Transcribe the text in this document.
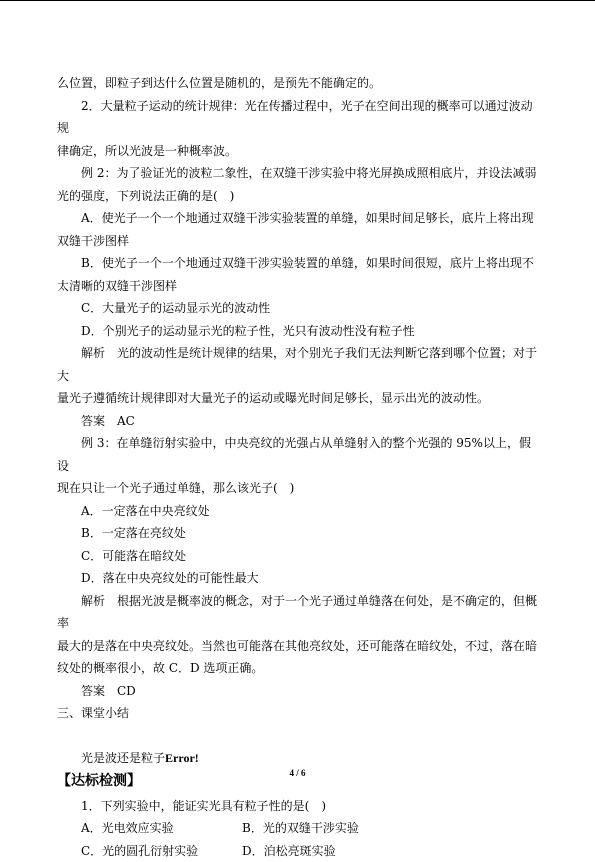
么位置，即粒子到达什么位置是随机的，是预先不能确定的。

2．大量粒子运动的统计规律：光在传播过程中，光子在空间出现的概率可以通过波动规

律确定，所以光波是一种概率波。

例 2：为了验证光的波粒二象性，在双缝干涉实验中将光屏换成照相底片，并设法减弱

光的强度，下列说法正确的是(　)

A．使光子一个一个地通过双缝干涉实验装置的单缝，如果时间足够长，底片上将出现

双缝干涉图样

B．使光子一个一个地通过双缝干涉实验装置的单缝，如果时间很短，底片上将出现不

太清晰的双缝干涉图样

C．大量光子的运动显示光的波动性

D．个别光子的运动显示光的粒子性，光只有波动性没有粒子性

解析　光的波动性是统计规律的结果，对个别光子我们无法判断它落到哪个位置；对于大

量光子遵循统计规律即对大量光子的运动或曝光时间足够长，显示出光的波动性。

答案　AC

例 3：在单缝衍射实验中，中央亮纹的光强占从单缝射入的整个光强的 95%以上，假设

现在只让一个光子通过单缝，那么该光子(　)

A．一定落在中央亮纹处

B．一定落在亮纹处

C．可能落在暗纹处

D．落在中央亮纹处的可能性最大

解析　根据光波是概率波的概念，对于一个光子通过单缝落在何处，是不确定的，但概率

最大的是落在中央亮纹处。当然也可能落在其他亮纹处，还可能落在暗纹处，不过，落在暗

纹处的概率很小，故 C．D 选项正确。

答案　CD

三、课堂小结

光是波还是粒子Error!

【达标检测】

1．下列实验中，能证实光具有粒子性的是(　)

A．光电效应实验	B．光的双缝干涉实验
C．光的圆孔衍射实验	D．泊松亮斑实验
4 / 6
